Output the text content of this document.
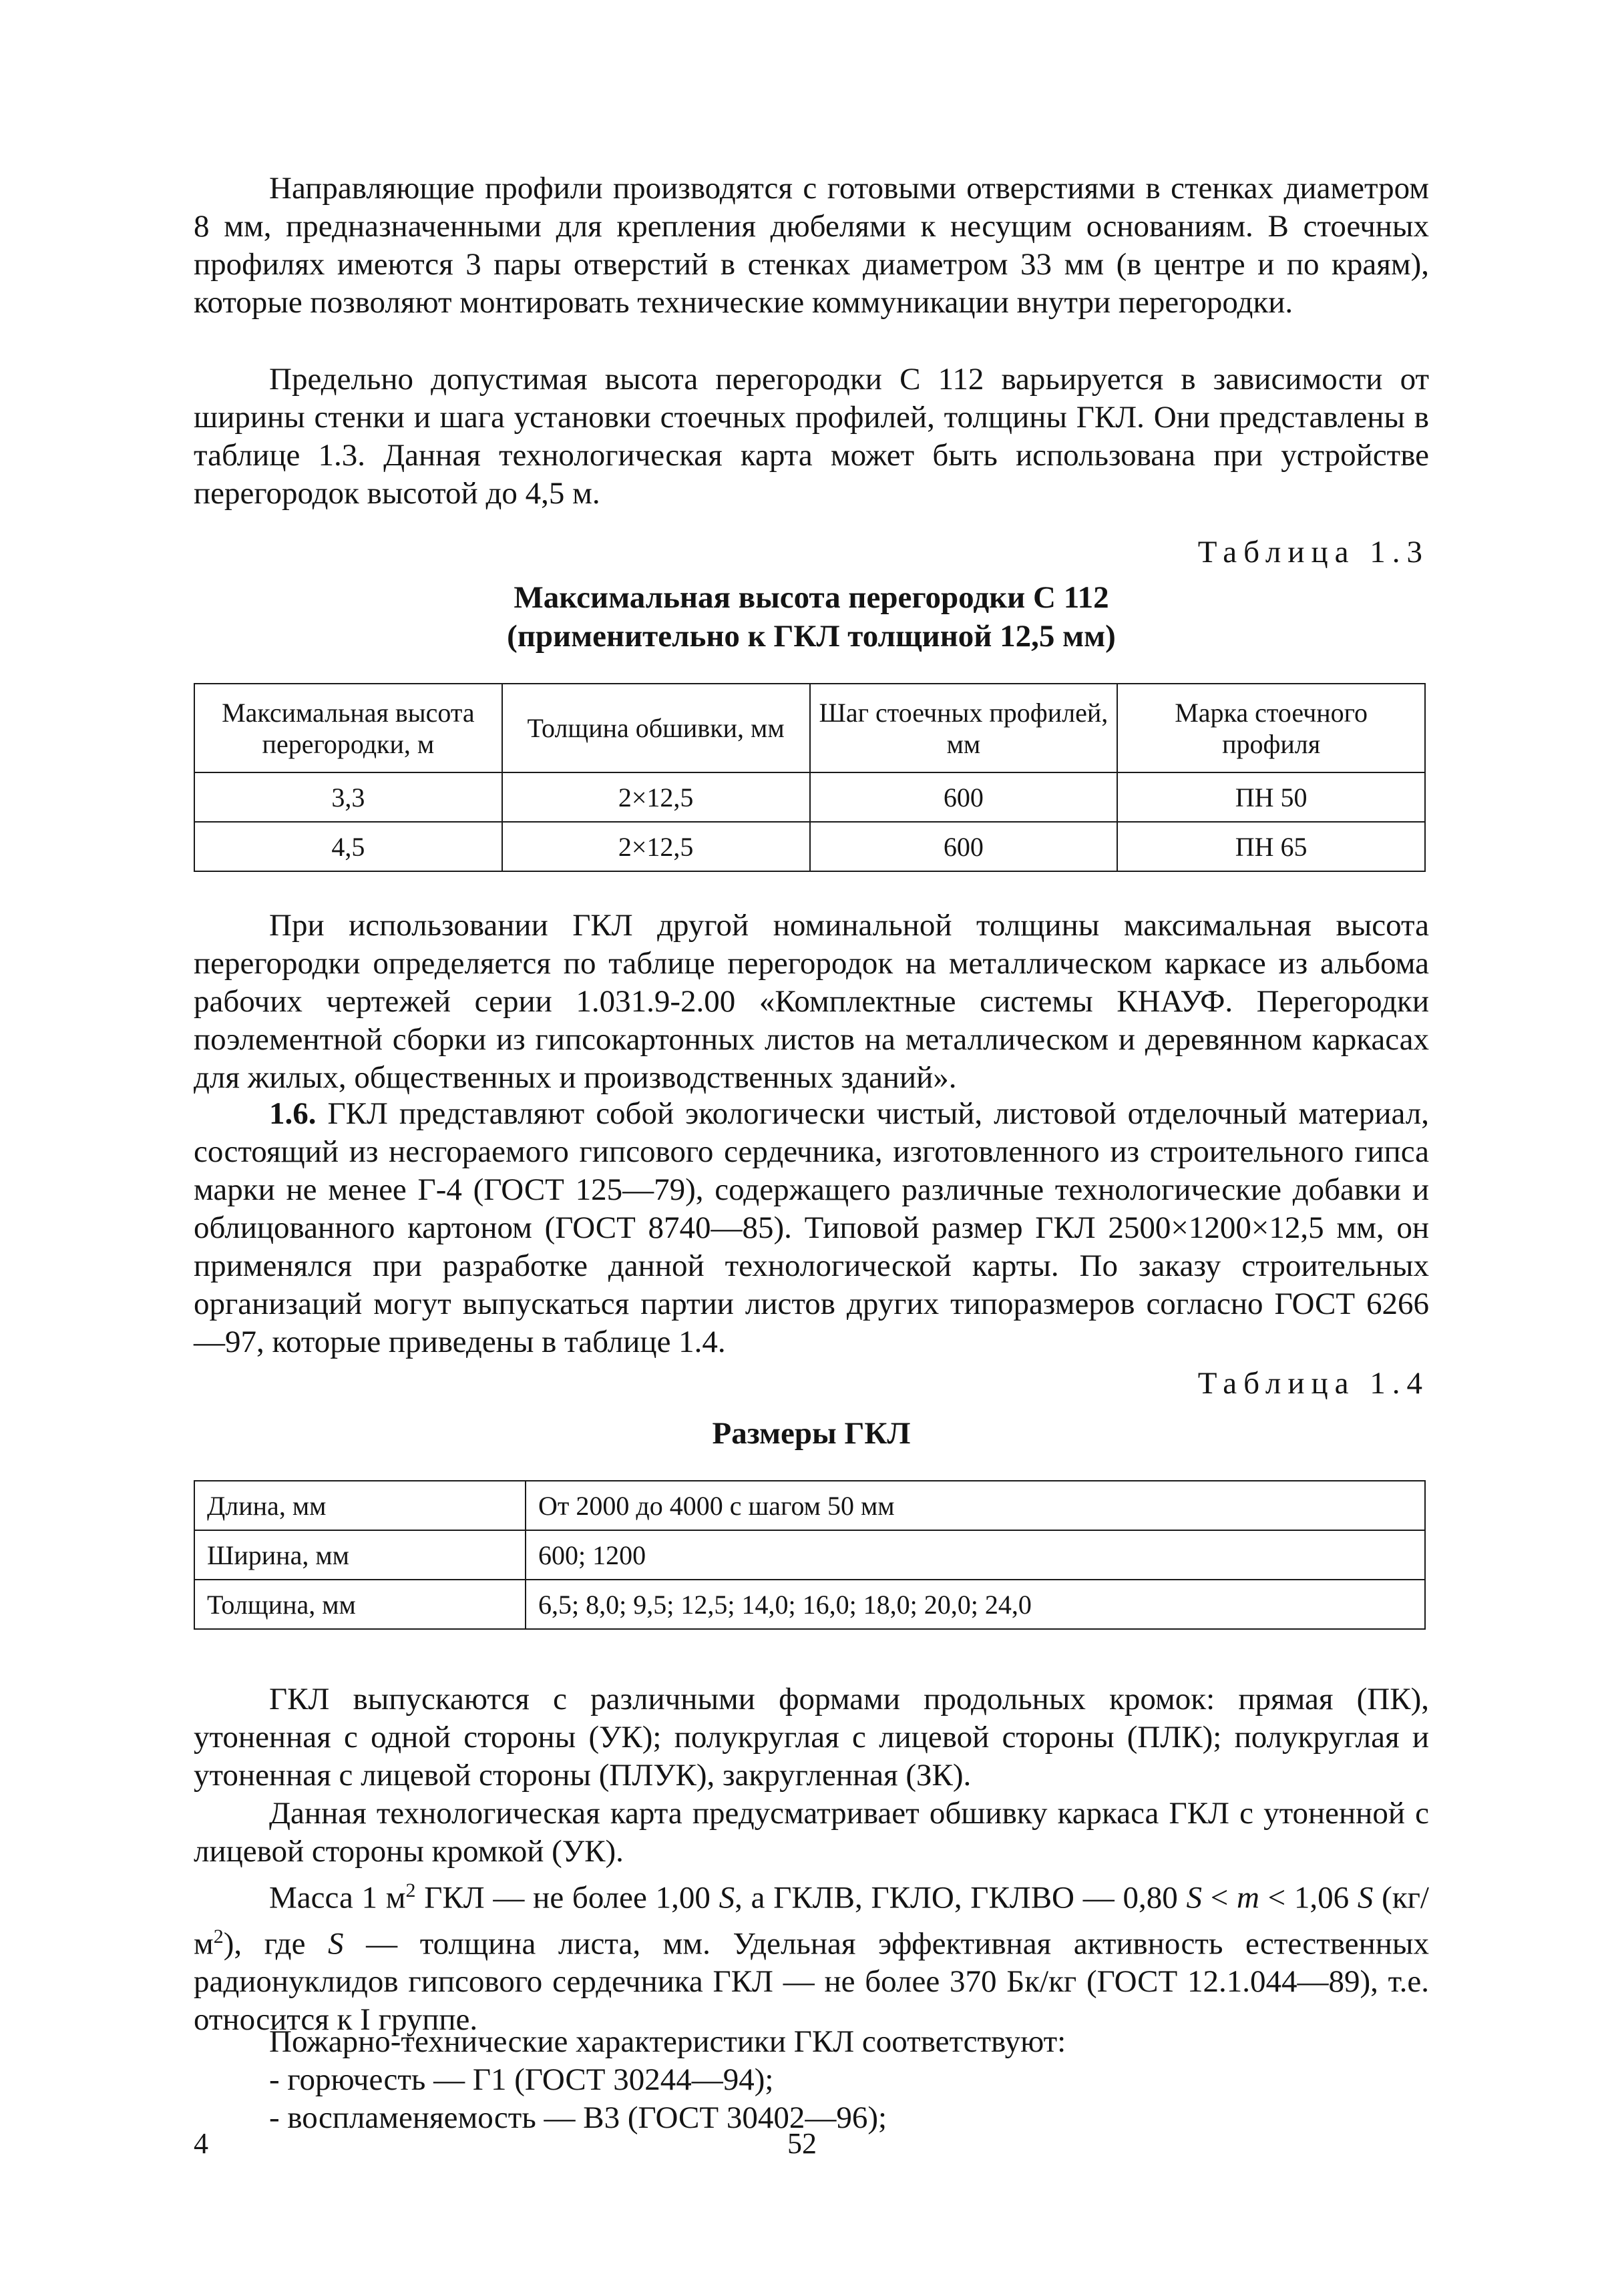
Направляющие профили производятся с готовыми отверстиями в стенках диаметром 8 мм, предназначенными для крепления дюбелями к несущим основаниям. В стоечных профилях имеются 3 пары отверстий в стенках диаметром 33 мм (в центре и по краям), которые позволяют монтировать технические коммуникации внутри перегородки.

Предельно допустимая высота перегородки С 112 варьируется в зависимости от ширины стенки и шага установки стоечных профилей, толщины ГКЛ. Они представлены в таблице 1.3. Данная технологическая карта может быть использована при устройстве перегородок высотой до 4,5 м.

Таблица 1.3
Максимальная высота перегородки С 112
(применительно к ГКЛ толщиной 12,5 мм)
Максимальная высота перегородки, м	Толщина обшивки, мм	Шаг стоечных профилей, мм	Марка стоечного профиля
3,3	2×12,5	600	ПН 50
4,5	2×12,5	600	ПН 65

При использовании ГКЛ другой номинальной толщины максимальная высота перегородки определяется по таблице перегородок на металлическом каркасе из альбома рабочих чертежей серии 1.031.9-2.00 «Комплектные системы КНАУФ. Перегородки поэлементной сборки из гипсокартонных листов на металлическом и деревянном каркасах для жилых, общественных и производственных зданий».

1.6. ГКЛ представляют собой экологически чистый, листовой отделочный материал, состоящий из несгораемого гипсового сердечника, изготовленного из строительного гипса марки не менее Г-4 (ГОСТ 125—79), содержащего различные технологические добавки и облицованного картоном (ГОСТ 8740—85). Типовой размер ГКЛ 2500×1200×12,5 мм, он применялся при разработке данной технологической карты. По заказу строительных организаций могут выпускаться партии листов других типоразмеров согласно ГОСТ 6266—97, которые приведены в таблице 1.4.

Таблица 1.4
Размеры ГКЛ
Длина, мм	От 2000 до 4000 с шагом 50 мм
Ширина, мм	600; 1200
Толщина, мм	6,5; 8,0; 9,5; 12,5; 14,0; 16,0; 18,0; 20,0; 24,0

ГКЛ выпускаются с различными формами продольных кромок: прямая (ПК), утоненная с одной стороны (УК); полукруглая с лицевой стороны (ПЛК); полукруглая и утоненная с лицевой стороны (ПЛУК), закругленная (ЗК).

Данная технологическая карта предусматривает обшивку каркаса ГКЛ с утоненной с лицевой стороны кромкой (УК).

Масса 1 $м^2$ ГКЛ — не более 1,00 S, а ГКЛВ, ГКЛО, ГКЛВО — 0,80 S < m < 1,06 S $(кг/м^2)$, где S — толщина листа, мм. Удельная эффективная активность естественных радионуклидов гипсового сердечника ГКЛ — не более 370 Бк/кг (ГОСТ 12.1.044—89), т.е. относится к I группе.

Пожарно-технические характеристики ГКЛ соответствуют:

- горючесть — Г1 (ГОСТ 30244—94);

- воспламеняемость — В3 (ГОСТ 30402—96);

4	52
